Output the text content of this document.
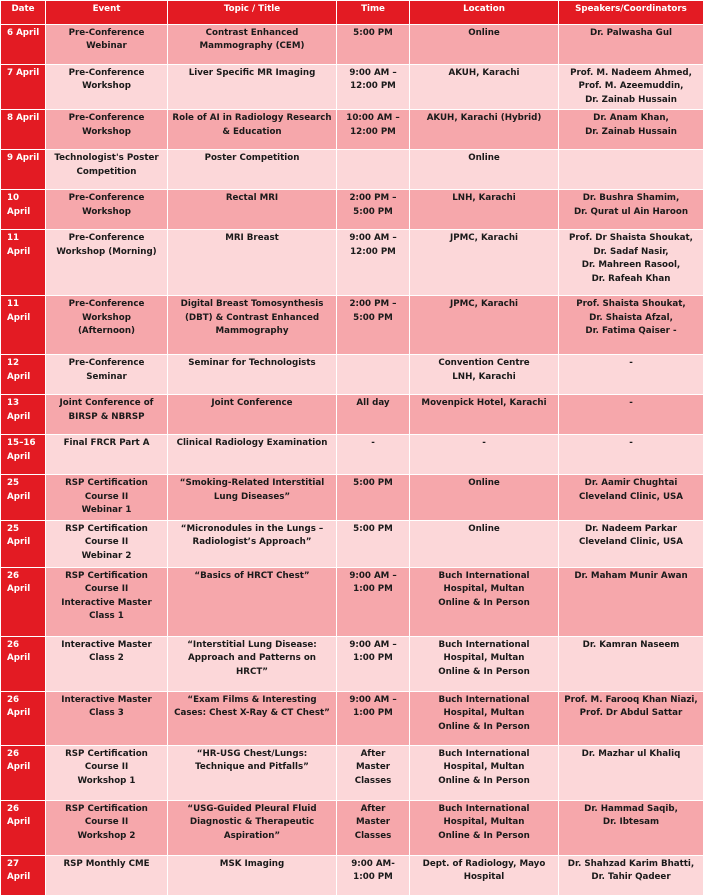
Date	Event	Topic / Title	Time	Location	Speakers/Coordinators
6 April	Pre-Conference
Webinar	Contrast Enhanced
Mammography (CEM)	5:00 PM	Online	Dr. Palwasha Gul
7 April	Pre-Conference
Workshop	Liver Specific MR Imaging	9:00 AM –
12:00 PM	AKUH, Karachi	Prof. M. Nadeem Ahmed,
Prof. M. Azeemuddin,
Dr. Zainab Hussain
8 April	Pre-Conference
Workshop	Role of AI in Radiology Research
& Education	10:00 AM –
12:00 PM	AKUH, Karachi (Hybrid)	Dr. Anam Khan,
Dr. Zainab Hussain
9 April	Technologist's Poster
Competition	Poster Competition		Online	
10
April	Pre-Conference
Workshop	Rectal MRI	2:00 PM –
5:00 PM	LNH, Karachi	Dr. Bushra Shamim,
Dr. Qurat ul Ain Haroon
11
April	Pre-Conference
Workshop (Morning)	MRI Breast	9:00 AM –
12:00 PM	JPMC, Karachi	Prof. Dr Shaista Shoukat,
Dr. Sadaf Nasir,
Dr. Mahreen Rasool,
Dr. Rafeah Khan
11
April	Pre-Conference
Workshop
(Afternoon)	Digital Breast Tomosynthesis
(DBT) & Contrast Enhanced
Mammography	2:00 PM –
5:00 PM	JPMC, Karachi	Prof. Shaista Shoukat,
Dr. Shaista Afzal,
Dr. Fatima Qaiser -
12
April	Pre-Conference
Seminar	Seminar for Technologists		Convention Centre
LNH, Karachi	-
13
April	Joint Conference of
BIRSP & NBRSP	Joint Conference	All day	Movenpick Hotel, Karachi	-
15–16
April	Final FRCR Part A	Clinical Radiology Examination	-	-	-
25
April	RSP Certification
Course II
Webinar 1	“Smoking-Related Interstitial
Lung Diseases”	5:00 PM	Online	Dr. Aamir Chughtai
Cleveland Clinic, USA
25
April	RSP Certification
Course II
Webinar 2	“Micronodules in the Lungs –
Radiologist’s Approach”	5:00 PM	Online	Dr. Nadeem Parkar
Cleveland Clinic, USA
26
April	RSP Certification
Course II
Interactive Master
Class 1	“Basics of HRCT Chest”	9:00 AM –
1:00 PM	Buch International
Hospital, Multan
Online & In Person	Dr. Maham Munir Awan
26
April	Interactive Master
Class 2	“Interstitial Lung Disease:
Approach and Patterns on
HRCT”	9:00 AM –
1:00 PM	Buch International
Hospital, Multan
Online & In Person	Dr. Kamran Naseem
26
April	Interactive Master
Class 3	“Exam Films & Interesting
Cases: Chest X-Ray & CT Chest”	9:00 AM –
1:00 PM	Buch International
Hospital, Multan
Online & In Person	Prof. M. Farooq Khan Niazi,
Prof. Dr Abdul Sattar
26
April	RSP Certification
Course II
Workshop 1	“HR-USG Chest/Lungs:
Technique and Pitfalls”	After
Master
Classes	Buch International
Hospital, Multan
Online & In Person	Dr. Mazhar ul Khaliq
26
April	RSP Certification
Course II
Workshop 2	“USG-Guided Pleural Fluid
Diagnostic & Therapeutic
Aspiration”	After
Master
Classes	Buch International
Hospital, Multan
Online & In Person	Dr. Hammad Saqib,
Dr. Ibtesam
27
April	RSP Monthly CME	MSK Imaging	9:00 AM-
1:00 PM	Dept. of Radiology, Mayo
Hospital	Dr. Shahzad Karim Bhatti,
Dr. Tahir Qadeer
